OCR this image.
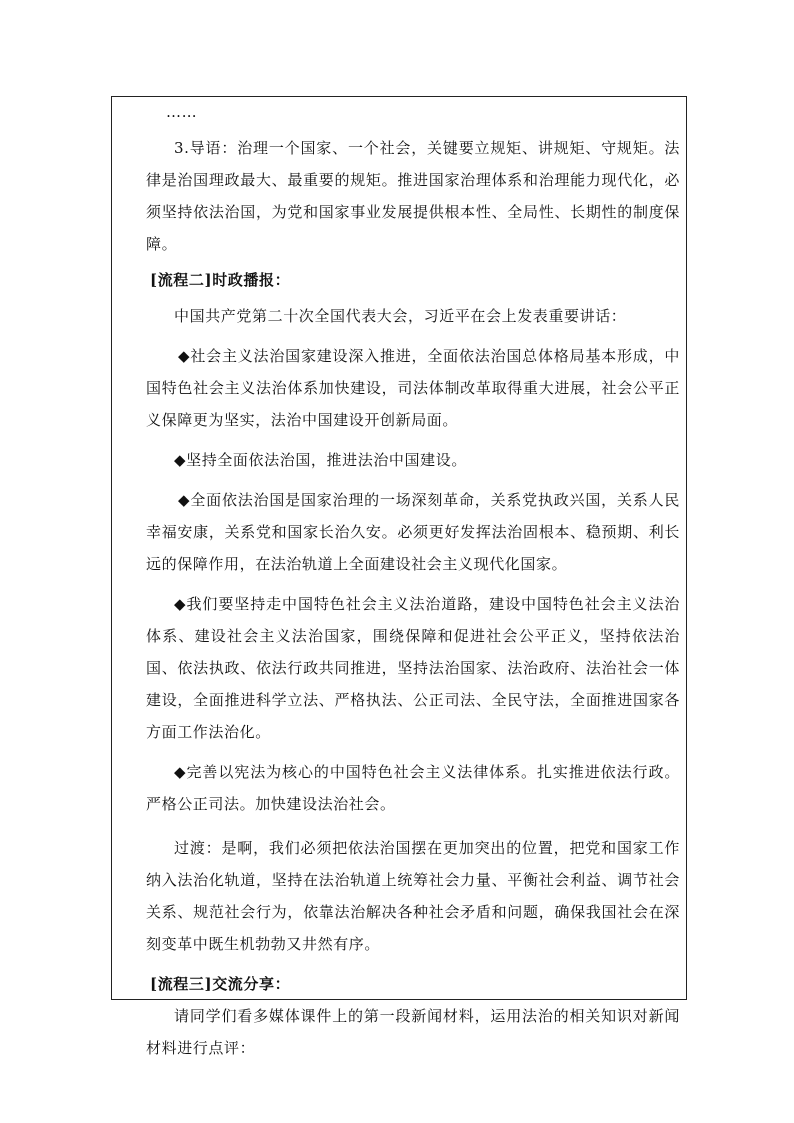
……

3.导语：治理一个国家、一个社会，关键要立规矩、讲规矩、守规矩。法律是治国理政最大、最重要的规矩。推进国家治理体系和治理能力现代化，必须坚持依法治国，为党和国家事业发展提供根本性、全局性、长期性的制度保障。

[流程二]时政播报：

中国共产党第二十次全国代表大会，习近平在会上发表重要讲话：

◆社会主义法治国家建设深入推进，全面依法治国总体格局基本形成，中国特色社会主义法治体系加快建设，司法体制改革取得重大进展，社会公平正义保障更为坚实，法治中国建设开创新局面。

◆坚持全面依法治国，推进法治中国建设。

◆全面依法治国是国家治理的一场深刻革命，关系党执政兴国，关系人民幸福安康，关系党和国家长治久安。必须更好发挥法治固根本、稳预期、利长远的保障作用，在法治轨道上全面建设社会主义现代化国家。

◆我们要坚持走中国特色社会主义法治道路，建设中国特色社会主义法治体系、建设社会主义法治国家，围绕保障和促进社会公平正义，坚持依法治国、依法执政、依法行政共同推进，坚持法治国家、法治政府、法治社会一体建设，全面推进科学立法、严格执法、公正司法、全民守法，全面推进国家各方面工作法治化。

◆完善以宪法为核心的中国特色社会主义法律体系。扎实推进依法行政。严格公正司法。加快建设法治社会。

过渡：是啊，我们必须把依法治国摆在更加突出的位置，把党和国家工作纳入法治化轨道，坚持在法治轨道上统筹社会力量、平衡社会利益、调节社会关系、规范社会行为，依靠法治解决各种社会矛盾和问题，确保我国社会在深刻变革中既生机勃勃又井然有序。

[流程三]交流分享：

请同学们看多媒体课件上的第一段新闻材料，运用法治的相关知识对新闻材料进行点评：
